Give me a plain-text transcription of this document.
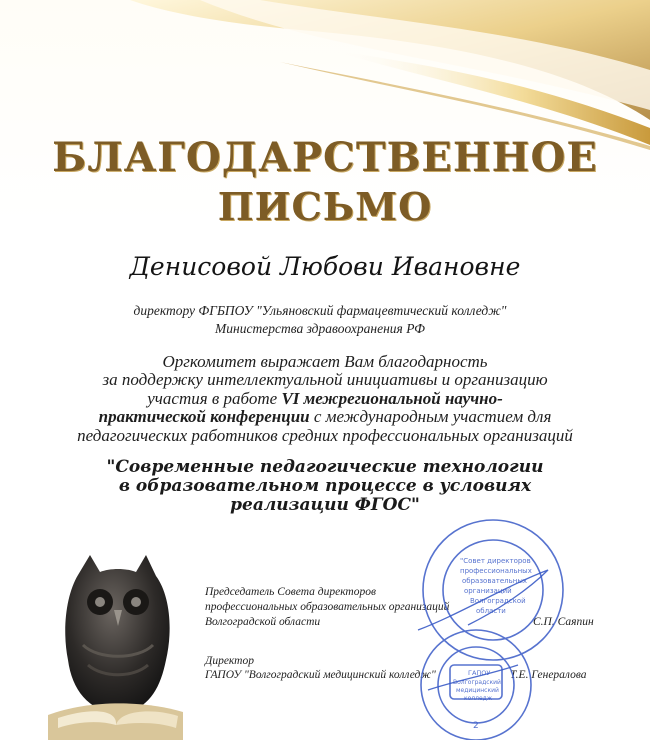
БЛАГОДАРСТВЕННОЕ
ПИСЬМО
Денисовой Любови Ивановне
директору ФГБПОУ "Ульяновский фармацевтический колледж"
Министерства здравоохранения РФ

Оргкомитет выражает Вам благодарность
за поддержку интеллектуальной инициативы и организацию
участия в работе VI межрегиональной научно-
практической конференции с международным участием для
педагогических работников средних профессиональных организаций

"Современные педагогические технологии
в образовательном процессе в условиях
реализации ФГОС"

Председатель Совета директоров
профессиональных образовательных организаций
Волгоградской области	С.П. Саяпин
Директор
ГАПОУ "Волгоградский медицинский колледж"	Т.Е. Генералова
"Совет директоров
профессиональных
образовательных
организаций
Волгоградской
области
ГАПОУ
Волгоградский
медицинский
колледж
2
